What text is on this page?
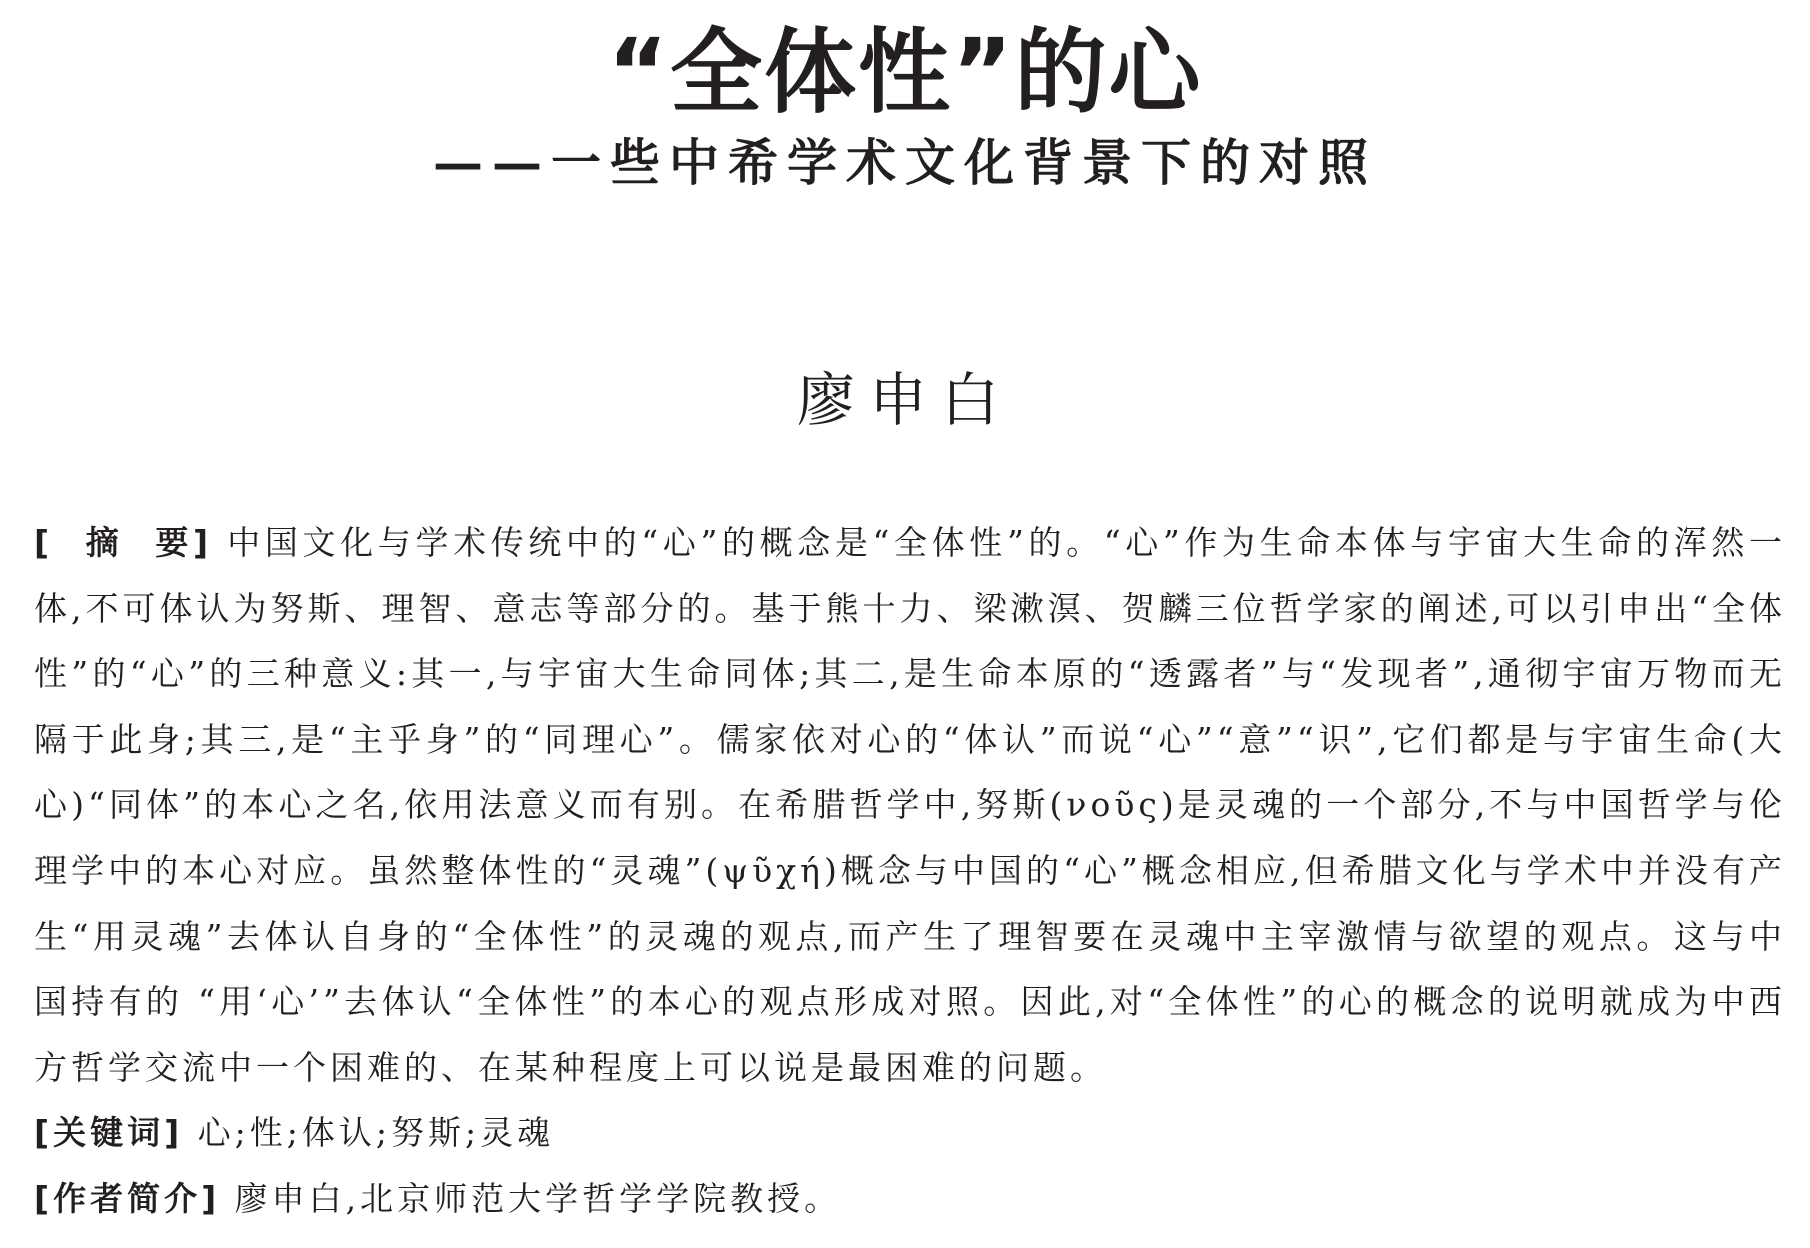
“全体性”的心
——一些中希学术文化背景下的对照
廖申白

[摘要] 中国文化与学术传统中的“心”的概念是“全体性”的。“心”作为生命本体与宇宙大生命的浑然一体,不可体认为努斯、理智、意志等部分的。基于熊十力、梁漱溟、贺麟三位哲学家的阐述,可以引申出“全体性”的“心”的三种意义:其一,与宇宙大生命同体;其二,是生命本原的“透露者”与“发现者”,通彻宇宙万物而无隔于此身;其三,是“主乎身”的“同理心”。儒家依对心的“体认”而说“心”“意”“识”,它们都是与宇宙生命(大心)“同体”的本心之名,依用法意义而有别。在希腊哲学中,努斯(νοῦς)是灵魂的一个部分,不与中国哲学与伦理学中的本心对应。虽然整体性的“灵魂”(ψῦχή)概念与中国的“心”概念相应,但希腊文化与学术中并没有产生“用灵魂”去体认自身的“全体性”的灵魂的观点,而产生了理智要在灵魂中主宰激情与欲望的观点。这与中国持有的 “用‘心’”去体认“全体性”的本心的观点形成对照。因此,对“全体性”的心的概念的说明就成为中西方哲学交流中一个困难的、在某种程度上可以说是最困难的问题。

[关键词] 心;性;体认;努斯;灵魂

[作者简介] 廖申白,北京师范大学哲学学院教授。
